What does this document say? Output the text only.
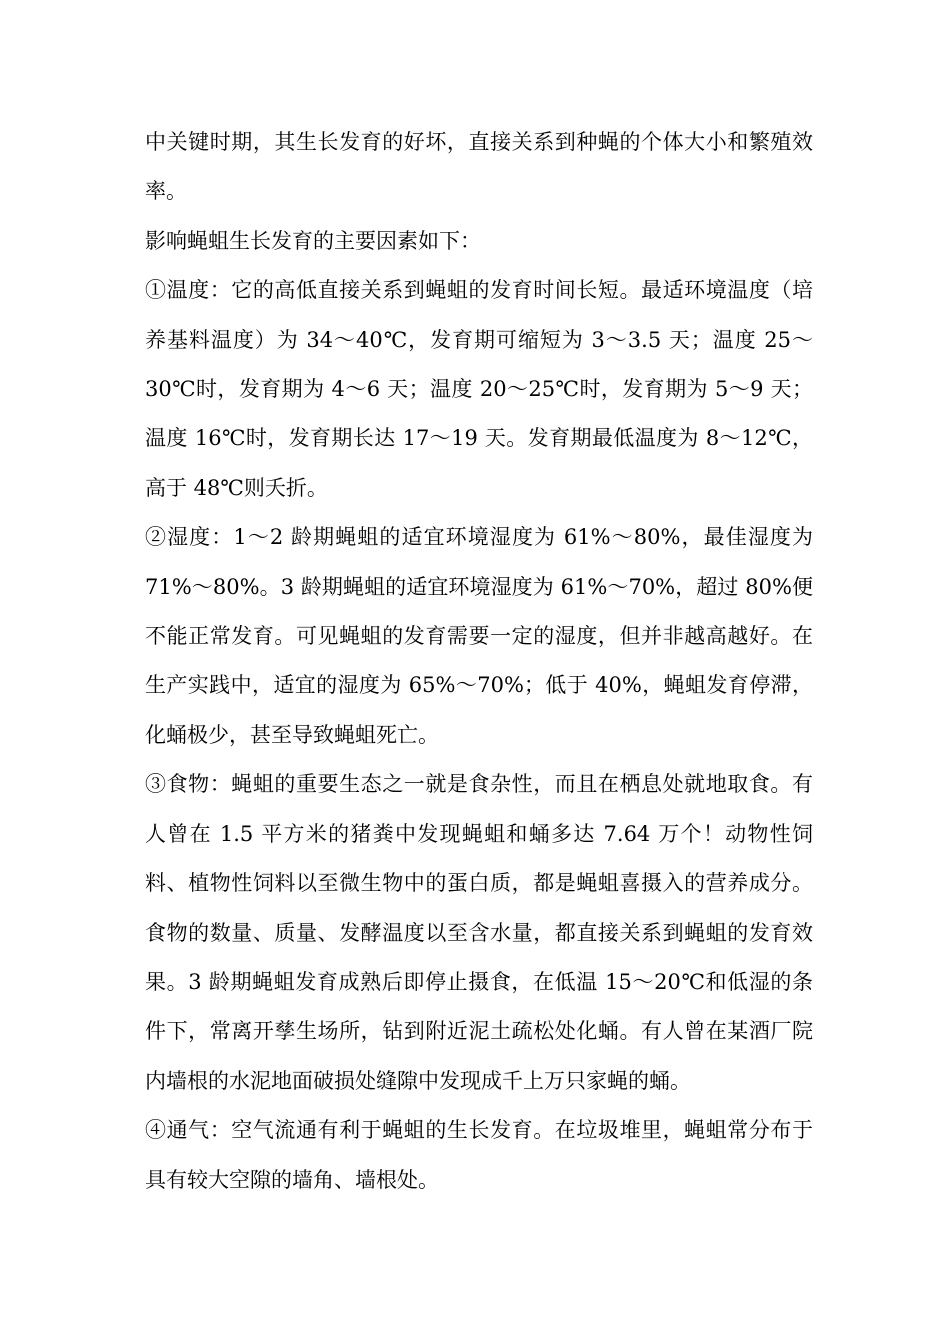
中关键时期，其生长发育的好坏，直接关系到种蝇的个体大小和繁殖效率。

影响蝇蛆生长发育的主要因素如下：

①温度：它的高低直接关系到蝇蛆的发育时间长短。最适环境温度（培养基料温度）为 34～40℃，发育期可缩短为 3～3.5 天；温度 25～30℃时，发育期为 4～6 天；温度 20～25℃时，发育期为 5～9 天；温度 16℃时，发育期长达 17～19 天。发育期最低温度为 8～12℃，高于 48℃则夭折。

②湿度：1～2 龄期蝇蛆的适宜环境湿度为 61%～80%，最佳湿度为 71%～80%。3 龄期蝇蛆的适宜环境湿度为 61%～70%，超过 80%便不能正常发育。可见蝇蛆的发育需要一定的湿度，但并非越高越好。在生产实践中，适宜的湿度为 65%～70%；低于 40%，蝇蛆发育停滞，化蛹极少，甚至导致蝇蛆死亡。

③食物：蝇蛆的重要生态之一就是食杂性，而且在栖息处就地取食。有人曾在 1.5 平方米的猪粪中发现蝇蛆和蛹多达 7.64 万个！动物性饲料、植物性饲料以至微生物中的蛋白质，都是蝇蛆喜摄入的营养成分。食物的数量、质量、发酵温度以至含水量，都直接关系到蝇蛆的发育效果。3 龄期蝇蛆发育成熟后即停止摄食，在低温 15～20℃和低湿的条件下，常离开孳生场所，钻到附近泥土疏松处化蛹。有人曾在某酒厂院内墙根的水泥地面破损处缝隙中发现成千上万只家蝇的蛹。

④通气：空气流通有利于蝇蛆的生长发育。在垃圾堆里，蝇蛆常分布于具有较大空隙的墙角、墙根处。
